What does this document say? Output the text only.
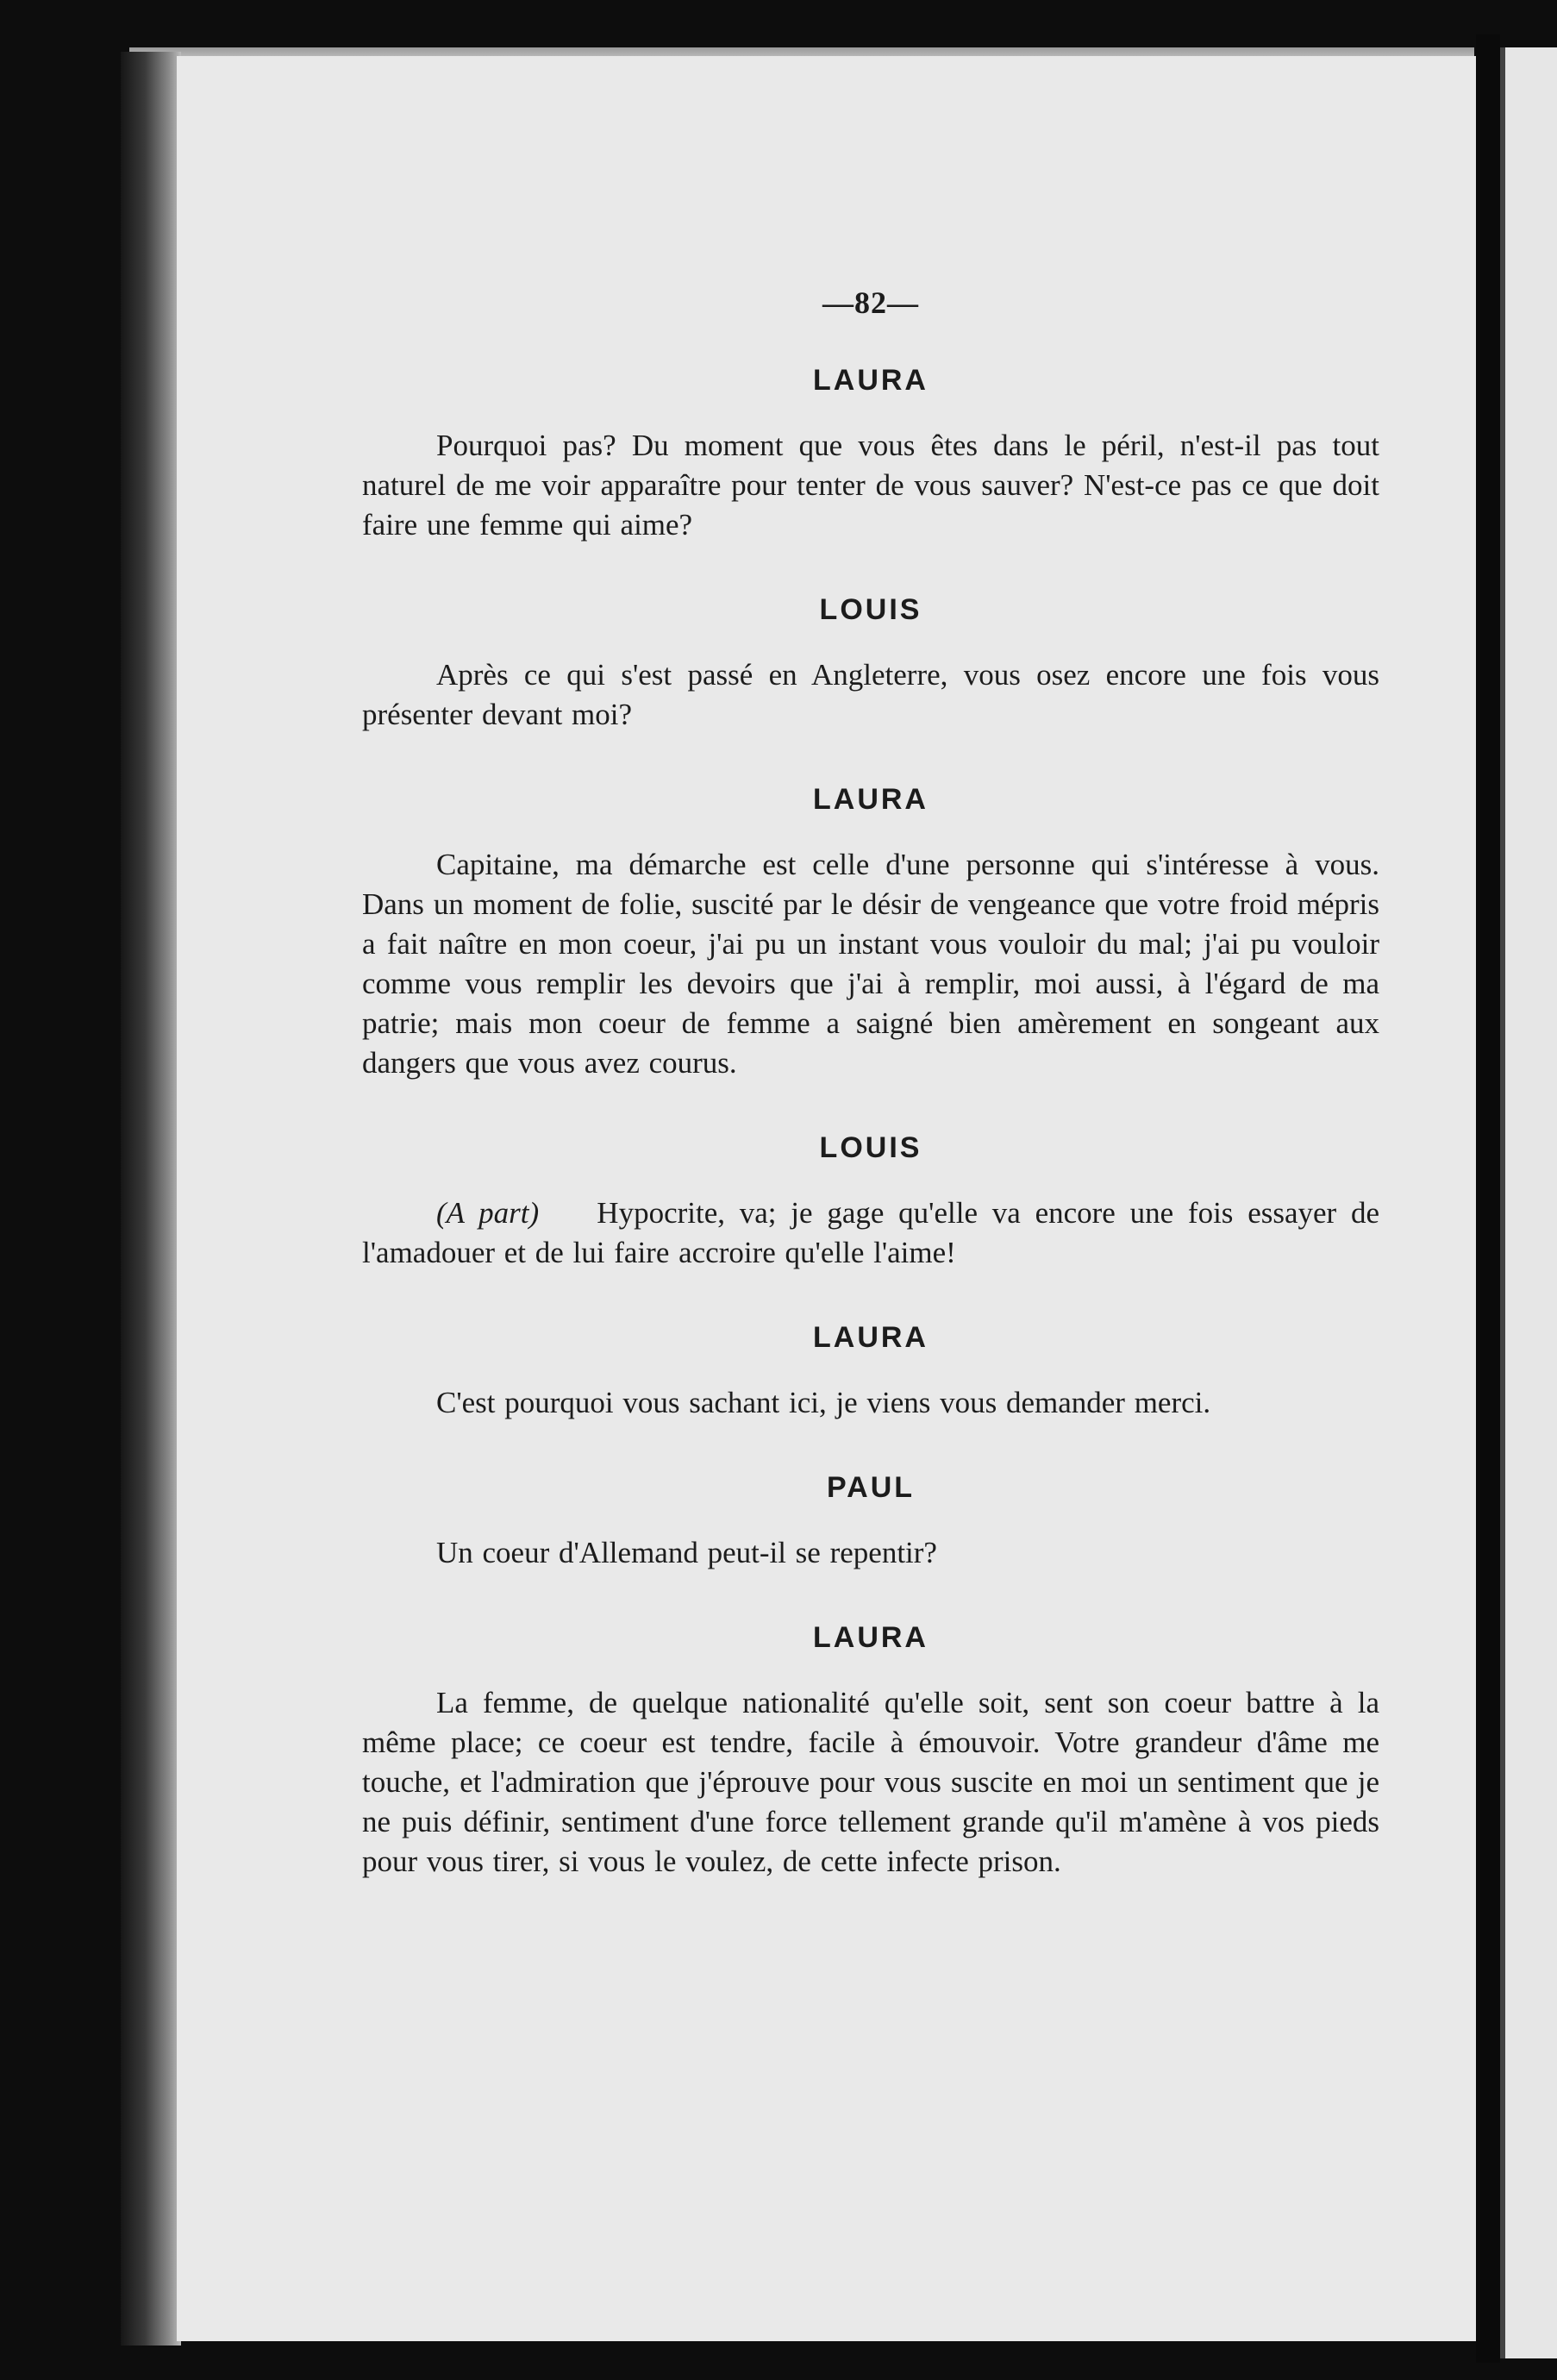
—82—
LAURA

Pourquoi pas? Du moment que vous êtes dans le péril, n'est-il pas tout naturel de me voir apparaître pour tenter de vous sauver? N'est-ce pas ce que doit faire une femme qui aime?

LOUIS

Après ce qui s'est passé en Angleterre, vous osez encore une fois vous présenter devant moi?

LAURA

Capitaine, ma démarche est celle d'une personne qui s'intéresse à vous. Dans un moment de folie, suscité par le désir de vengeance que votre froid mépris a fait naître en mon coeur, j'ai pu un instant vous vouloir du mal; j'ai pu vouloir comme vous remplir les devoirs que j'ai à remplir, moi aussi, à l'égard de ma patrie; mais mon coeur de femme a saigné bien amèrement en songeant aux dangers que vous avez courus.

LOUIS

(A part) Hypocrite, va; je gage qu'elle va encore une fois essayer de l'amadouer et de lui faire accroire qu'elle l'aime!

LAURA

C'est pourquoi vous sachant ici, je viens vous demander merci.

PAUL

Un coeur d'Allemand peut-il se repentir?

LAURA

La femme, de quelque nationalité qu'elle soit, sent son coeur battre à la même place; ce coeur est tendre, facile à émouvoir. Votre grandeur d'âme me touche, et l'admiration que j'éprouve pour vous suscite en moi un sentiment que je ne puis définir, sentiment d'une force tellement grande qu'il m'amène à vos pieds pour vous tirer, si vous le voulez, de cette infecte prison.
